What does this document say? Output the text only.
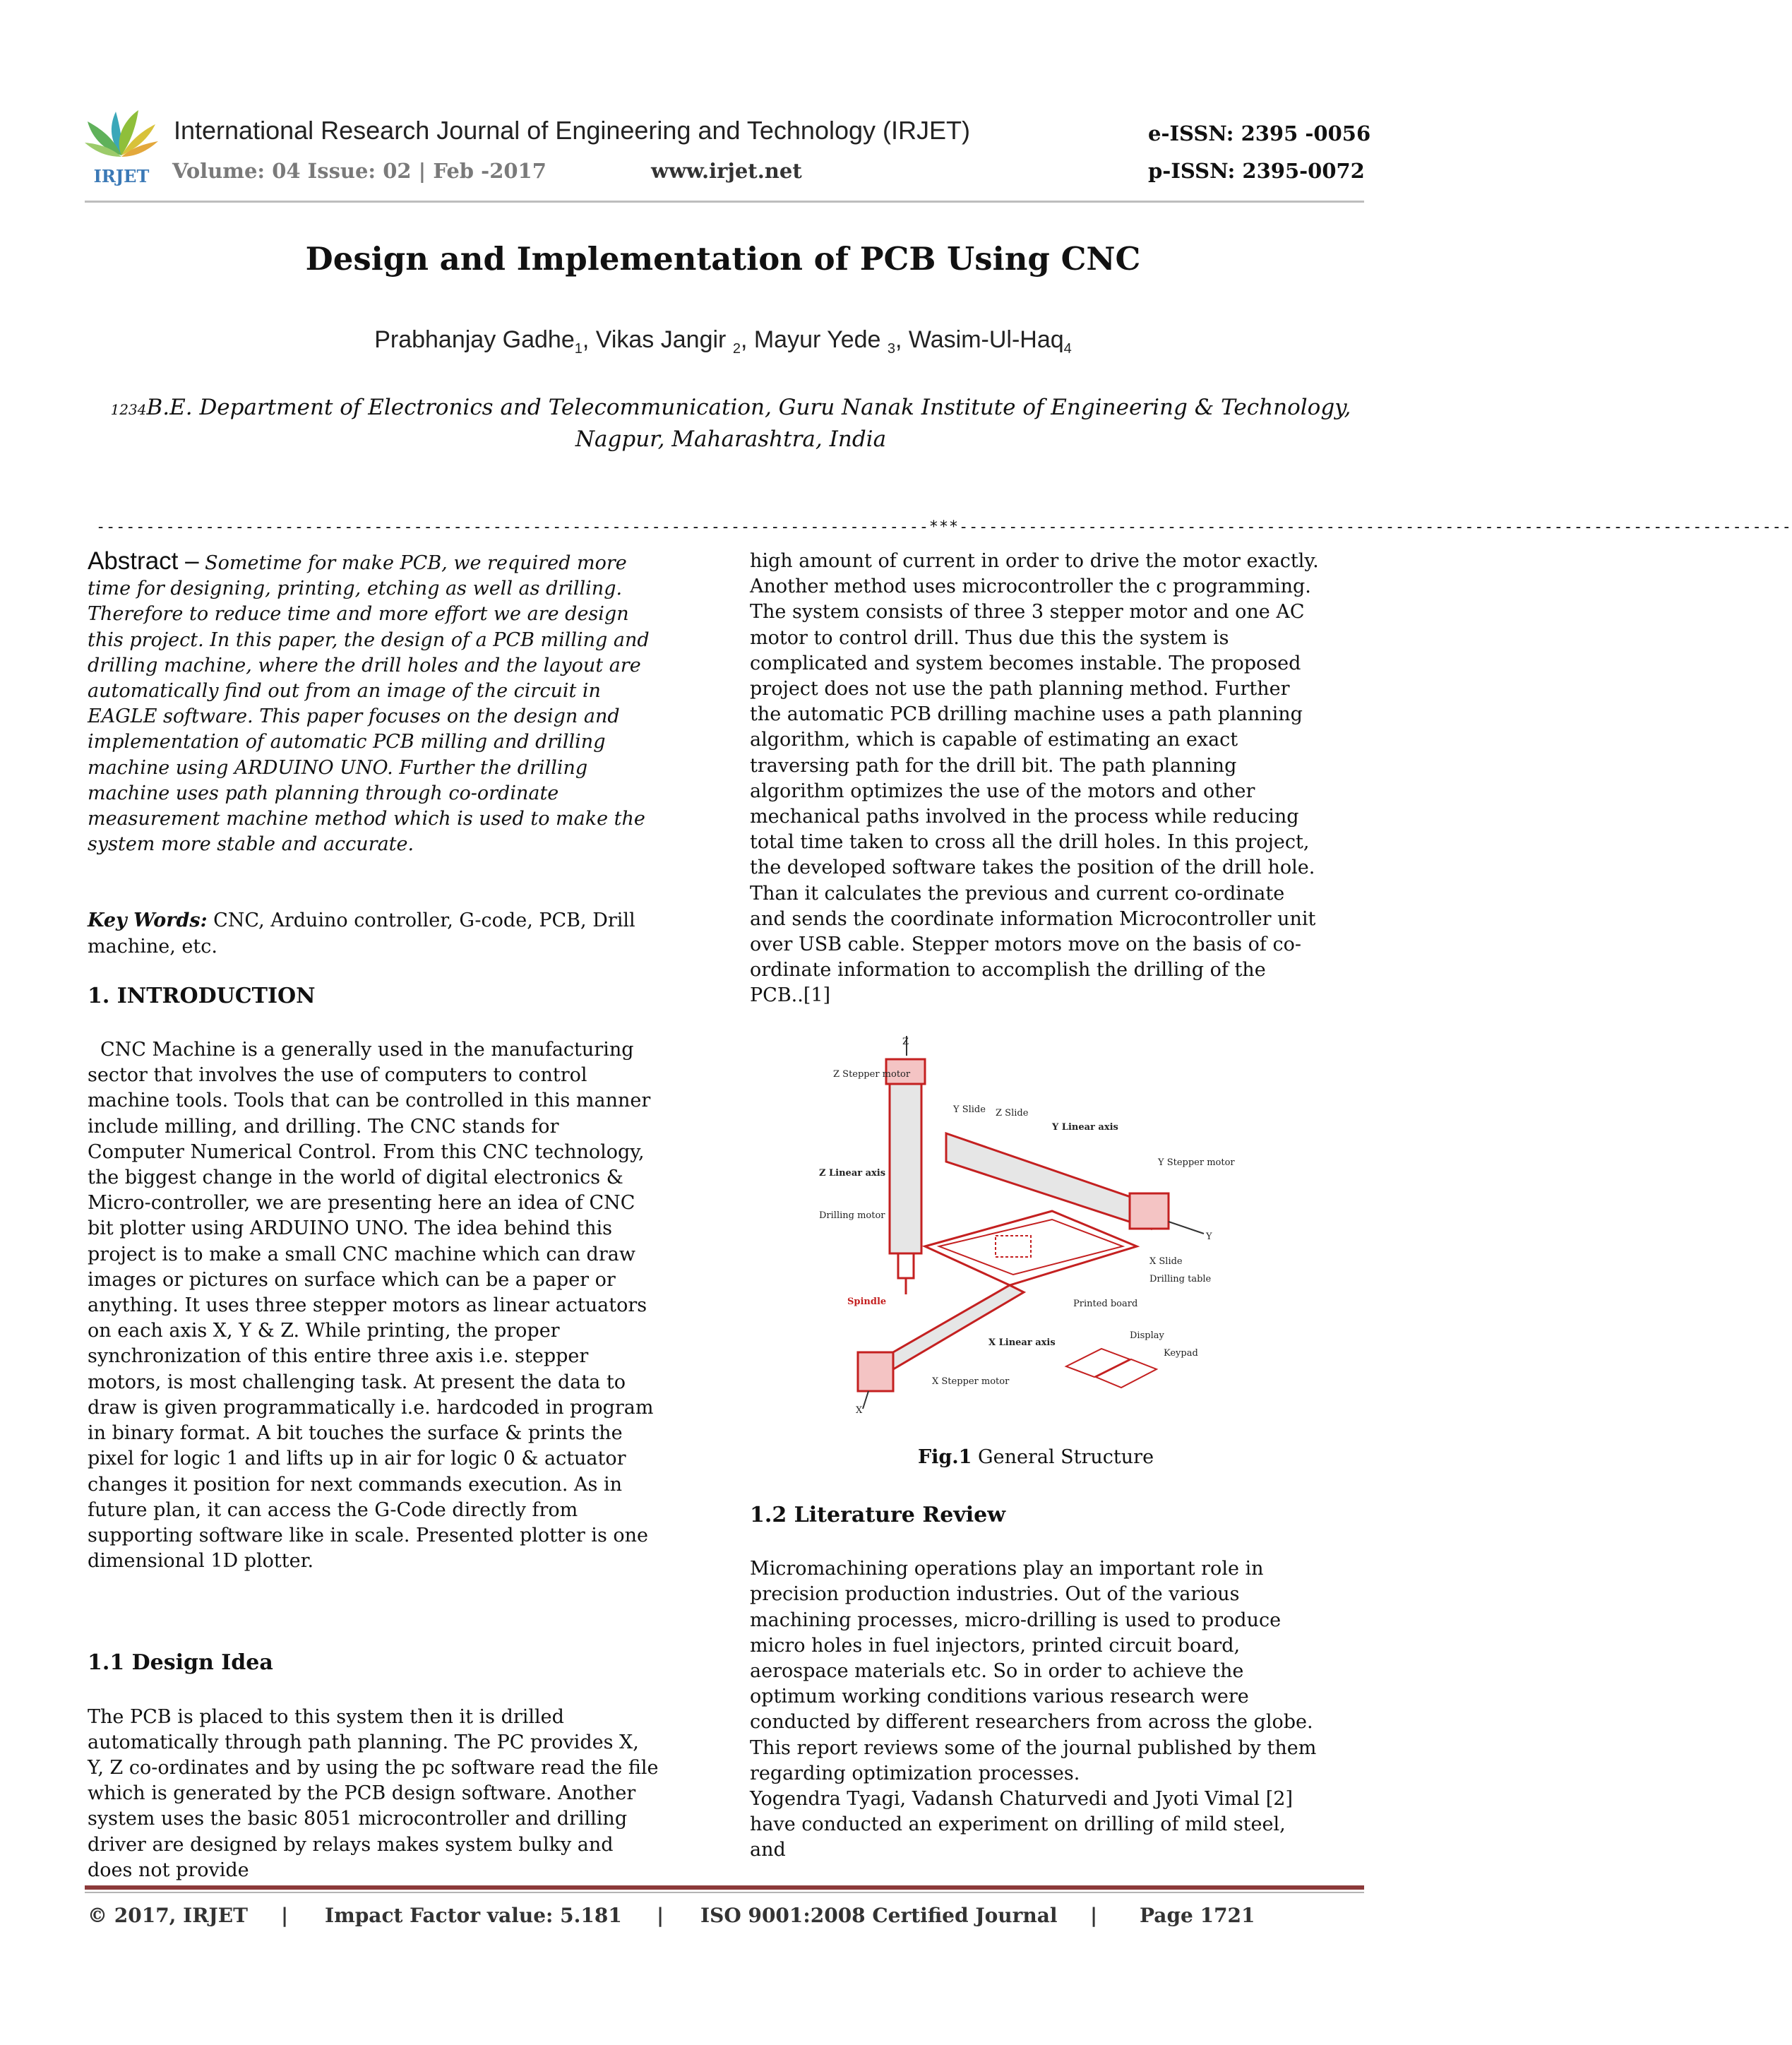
IRJET
International Research Journal of Engineering and Technology (IRJET)
Volume: 04 Issue: 02 | Feb -2017	www.irjet.net
e-ISSN: 2395 -0056
p-ISSN: 2395-0072
Design and Implementation of PCB Using CNC
Prabhanjay Gadhe$_1$, Vikas Jangir $_2$, Mayur Yede $_3$, Wasim-Ul-Haq$_4$
1234B.E. Department of Electronics and Telecommunication, Guru Nanak Institute of Engineering & Technology, Nagpur, Maharashtra, India
------------------------------------------------------------------------------------***------------------------------------------------------------------------------------

Abstract – Sometime for make PCB, we required more time for designing, printing, etching as well as drilling. Therefore to reduce time and more effort we are design this project. In this paper, the design of a PCB milling and drilling machine, where the drill holes and the layout are automatically find out from an image of the circuit in EAGLE software. This paper focuses on the design and implementation of automatic PCB milling and drilling machine using ARDUINO UNO. Further the drilling machine uses path planning through co-ordinate measurement machine method which is used to make the system more stable and accurate.

Key Words: CNC, Arduino controller, G-code, PCB, Drill machine, etc.

1. INTRODUCTION

CNC Machine is a generally used in the manufacturing sector that involves the use of computers to control machine tools. Tools that can be controlled in this manner include milling, and drilling. The CNC stands for Computer Numerical Control. From this CNC technology, the biggest change in the world of digital electronics & Micro-controller, we are presenting here an idea of CNC bit plotter using ARDUINO UNO. The idea behind this project is to make a small CNC machine which can draw images or pictures on surface which can be a paper or anything. It uses three stepper motors as linear actuators on each axis X, Y & Z. While printing, the proper synchronization of this entire three axis i.e. stepper motors, is most challenging task. At present the data to draw is given programmatically i.e. hardcoded in program in binary format. A bit touches the surface & prints the pixel for logic 1 and lifts up in air for logic 0 & actuator changes it position for next commands execution. As in future plan, it can access the G-Code directly from supporting software like in scale. Presented plotter is one dimensional 1D plotter.

1.1 Design Idea

The PCB is placed to this system then it is drilled automatically through path planning. The PC provides X, Y, Z co-ordinates and by using the pc software read the file which is generated by the PCB design software. Another system uses the basic 8051 microcontroller and drilling driver are designed by relays makes system bulky and does not provide

high amount of current in order to drive the motor exactly. Another method uses microcontroller the c programming. The system consists of three 3 stepper motor and one AC motor to control drill. Thus due this the system is complicated and system becomes instable. The proposed project does not use the path planning method. Further the automatic PCB drilling machine uses a path planning algorithm, which is capable of estimating an exact traversing path for the drill bit. The path planning algorithm optimizes the use of the motors and other mechanical paths involved in the process while reducing total time taken to cross all the drill holes. In this project, the developed software takes the position of the drill hole. Than it calculates the previous and current co-ordinate and sends the coordinate information Microcontroller unit over USB cable. Stepper motors move on the basis of co-ordinate information to accomplish the drilling of the PCB..[1]

Z
Z Stepper motor
Y Slide Z Slide
Y Linear axis
Y Stepper motor
Z Linear axis
Drilling motor
Y
X Slide
Drilling table
Spindle	Printed board
X Linear axis
Display
Keypad
X Stepper motor
X
Fig.1 General Structure

1.2 Literature Review

Micromachining operations play an important role in precision production industries. Out of the various machining processes, micro-drilling is used to produce micro holes in fuel injectors, printed circuit board, aerospace materials etc. So in order to achieve the optimum working conditions various research were conducted by different researchers from across the globe. This report reviews some of the journal published by them regarding optimization processes.

Yogendra Tyagi, Vadansh Chaturvedi and Jyoti Vimal [2] have conducted an experiment on drilling of mild steel, and

© 2017, IRJET | Impact Factor value: 5.181 | ISO 9001:2008 Certified Journal | Page 1721
